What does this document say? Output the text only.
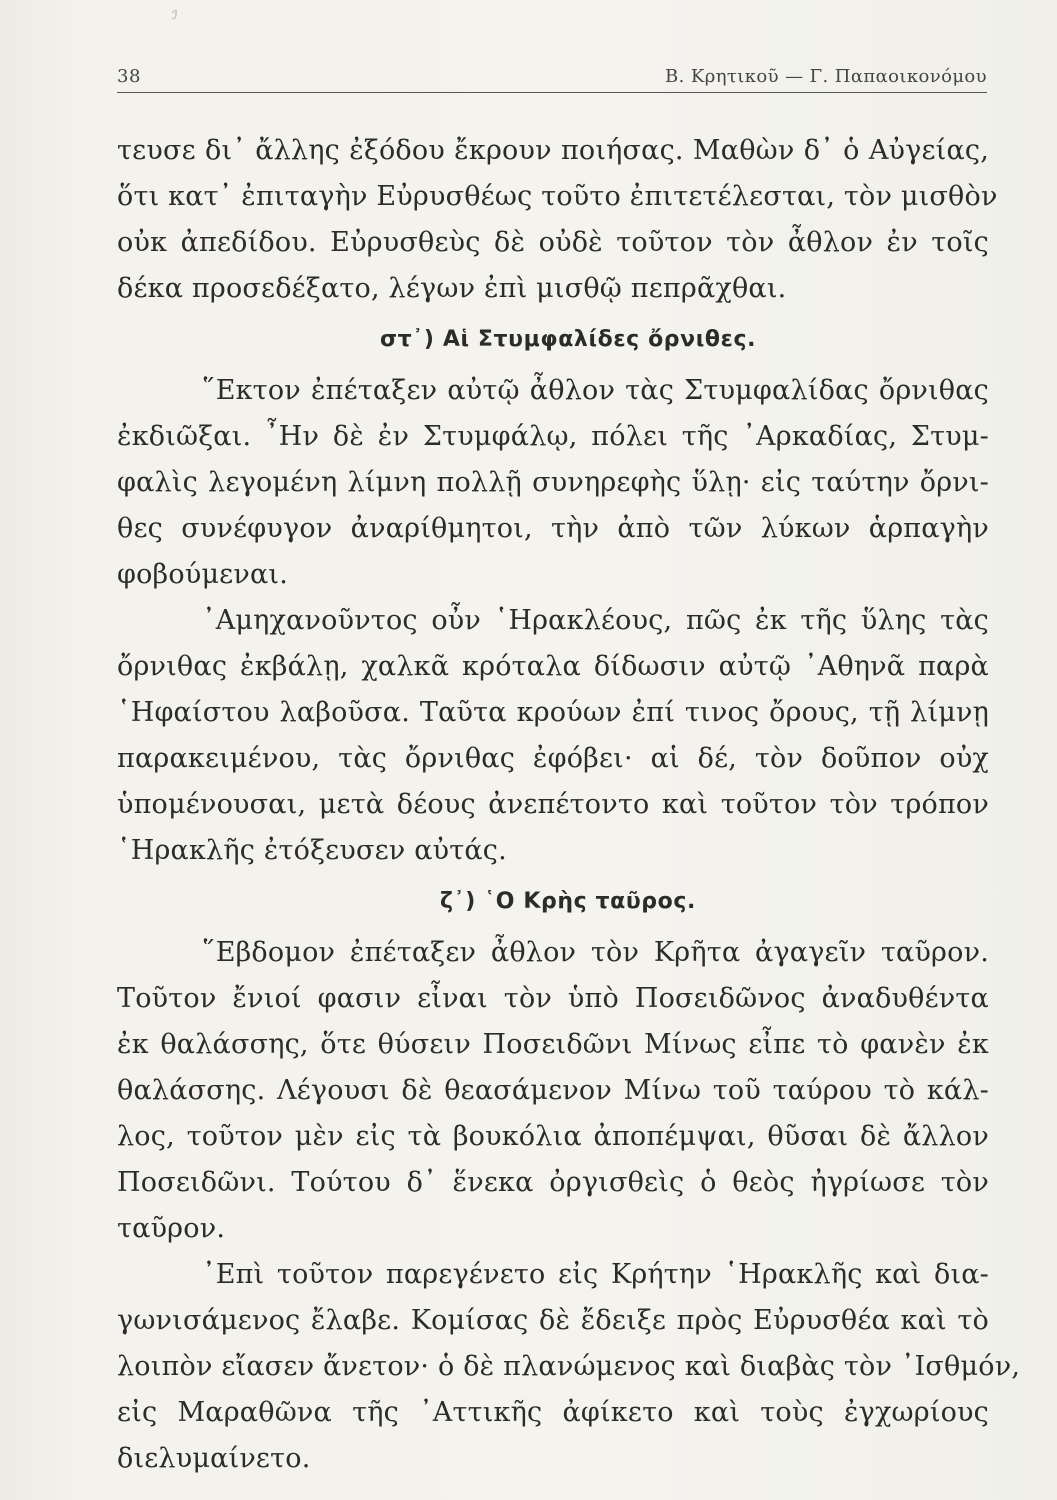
ℐ
38	Β. Κρητικοῦ — Γ. Παπαοικονόμου
τευσε δι᾽ ἄλλης ἐξόδου ἔκρουν ποιήσας. Μαθὼν δ᾽ ὁ Αὐγείας,
ὅτι κατ᾽ ἐπιταγὴν Εὐρυσθέως τοῦτο ἐπιτετέλεσται, τὸν μισθὸν
οὐκ ἀπεδίδου. Εὐρυσθεὺς δὲ οὐδὲ τοῦτον τὸν ἆθλον ἐν τοῖς
δέκα προσεδέξατο, λέγων ἐπὶ μισθῷ πεπρᾶχθαι.
στ᾽) Αἱ Στυμφαλίδες ὄρνιθες.
῞Εκτον ἐπέταξεν αὐτῷ ἆθλον τὰς Στυμφαλίδας ὄρνιθας
ἐκδιῶξαι. ῏Ην δὲ ἐν Στυμφάλῳ, πόλει τῆς ᾿Αρκαδίας, Στυμ-
φαλὶς λεγομένη λίμνη πολλῇ συνηρεφὴς ὕλῃ· εἰς ταύτην ὄρνι-
θες συνέφυγον ἀναρίθμητοι, τὴν ἀπὸ τῶν λύκων ἁρπαγὴν
φοβούμεναι.
᾿Αμηχανοῦντος οὖν ῾Ηρακλέους, πῶς ἐκ τῆς ὕλης τὰς
ὄρνιθας ἐκβάλῃ, χαλκᾶ κρόταλα δίδωσιν αὐτῷ ᾿Αθηνᾶ παρὰ
῾Ηφαίστου λαβοῦσα. Ταῦτα κρούων ἐπί τινος ὄρους, τῇ λίμνῃ
παρακειμένου, τὰς ὄρνιθας ἐφόβει· αἱ δέ, τὸν δοῦπον οὐχ
ὑπομένουσαι, μετὰ δέους ἀνεπέτοντο καὶ τοῦτον τὸν τρόπον
῾Ηρακλῆς ἐτόξευσεν αὐτάς.
ζ᾽) ῾Ο Κρὴς ταῦρος.
῞Εβδομον ἐπέταξεν ἆθλον τὸν Κρῆτα ἀγαγεῖν ταῦρον.
Τοῦτον ἔνιοί φασιν εἶναι τὸν ὑπὸ Ποσειδῶνος ἀναδυθέντα
ἐκ θαλάσσης, ὅτε θύσειν Ποσειδῶνι Μίνως εἶπε τὸ φανὲν ἐκ
θαλάσσης. Λέγουσι δὲ θεασάμενον Μίνω τοῦ ταύρου τὸ κάλ-
λος, τοῦτον μὲν εἰς τὰ βουκόλια ἀποπέμψαι, θῦσαι δὲ ἄλλον
Ποσειδῶνι. Τούτου δ᾽ ἕνεκα ὀργισθεὶς ὁ θεὸς ἠγρίωσε τὸν
ταῦρον.
᾿Επὶ τοῦτον παρεγένετο εἰς Κρήτην ῾Ηρακλῆς καὶ δια-
γωνισάμενος ἔλαβε. Κομίσας δὲ ἔδειξε πρὸς Εὐρυσθέα καὶ τὸ
λοιπὸν εἴασεν ἄνετον· ὁ δὲ πλανώμενος καὶ διαβὰς τὸν ᾿Ισθμόν,
εἰς Μαραθῶνα τῆς ᾿Αττικῆς ἀφίκετο καὶ τοὺς ἐγχωρίους
διελυμαίνετο.
